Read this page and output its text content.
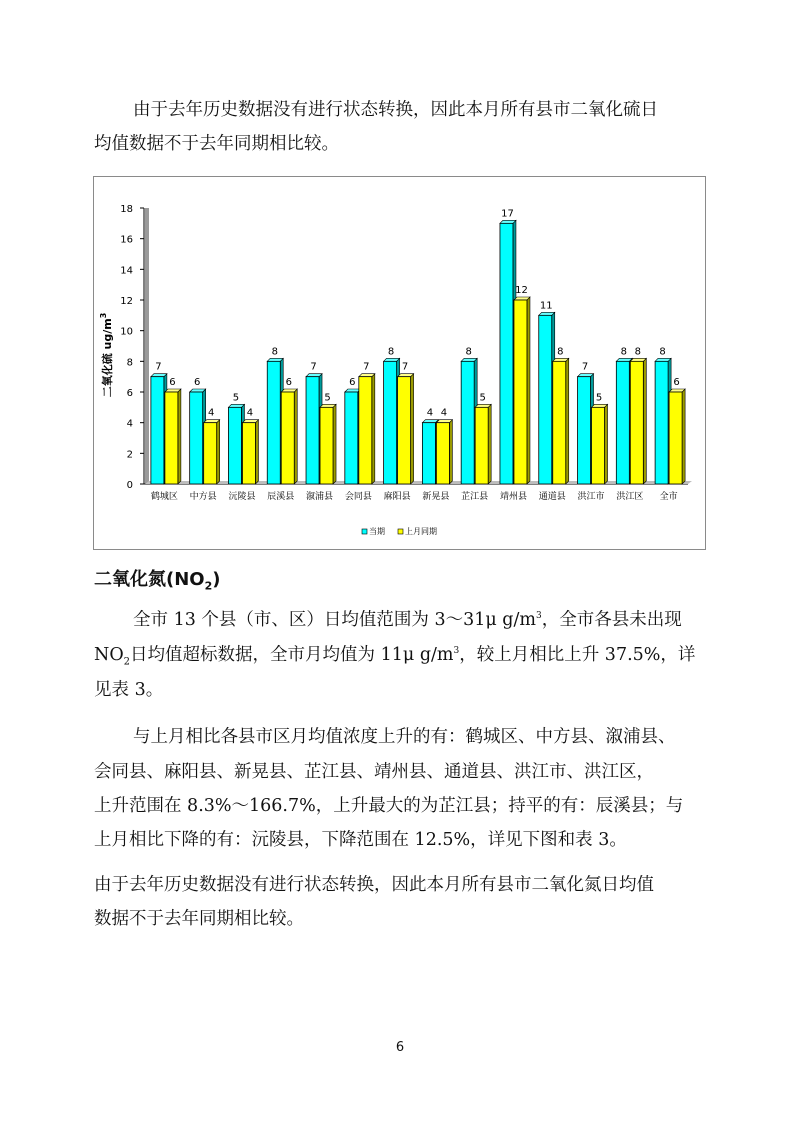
由于去年历史数据没有进行状态转换，因此本月所有县市二氧化硫日
均值数据不于去年同期相比较。
0
2
4
6
8
10
12
14
16
18
二氧化硫 $ug/m^3$
7
6
鹤城区
6
4
中方县
5
4
沅陵县
8
6
辰溪县
7
5
溆浦县
6
7
会同县
8
7
麻阳县
4 4
新晃县
8
5
芷江县
17
12
靖州县
11
8
通道县
7
5
洪江市
8 8
洪江区
8
6
全市
当期	上月同期
二氧化氮$(NO_2)$
全市 13 个县（市、区）日均值范围为 3～31μ $g/m^3$，全市各县未出现
$NO_2$日均值超标数据，全市月均值为 11μ $g/m^3$，较上月相比上升 37.5%，详
见表 3。
与上月相比各县市区月均值浓度上升的有：鹤城区、中方县、溆浦县、
会同县、麻阳县、新晃县、芷江县、靖州县、通道县、洪江市、洪江区，
上升范围在 8.3%～166.7%，上升最大的为芷江县；持平的有：辰溪县；与
上月相比下降的有：沅陵县，下降范围在 12.5%，详见下图和表 3。
由于去年历史数据没有进行状态转换，因此本月所有县市二氧化氮日均值
数据不于去年同期相比较。
6
